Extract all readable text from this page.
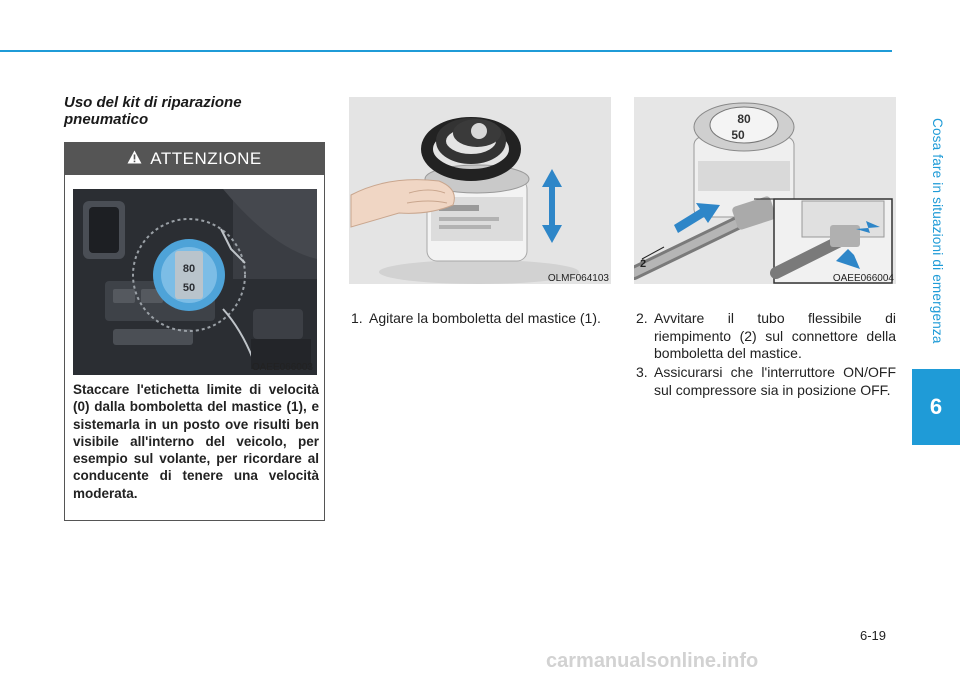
Cosa fare in situazioni di emergenza
6
Uso del kit di riparazione pneumatico
ATTENZIONE
80
50
OAEE066003
Staccare l'etichetta limite di velocità (0) dalla bomboletta del mastice (1), e sistemarla in un posto ove risulti ben visibile all'interno del veicolo, per esempio sul volante, per ricordare al conducente di tenere una velocità moderata.
OLMF064103
80
50
2
OAEE066004
1. Agitare la bomboletta del mastice (1).	2. Avvitare il tubo flessibile di riempimento (2) sul connettore della bomboletta del mastice.
3. Assicurarsi che l'interruttore ON/OFF sul compressore sia in posizione OFF.
6-19
carmanualsonline.info
